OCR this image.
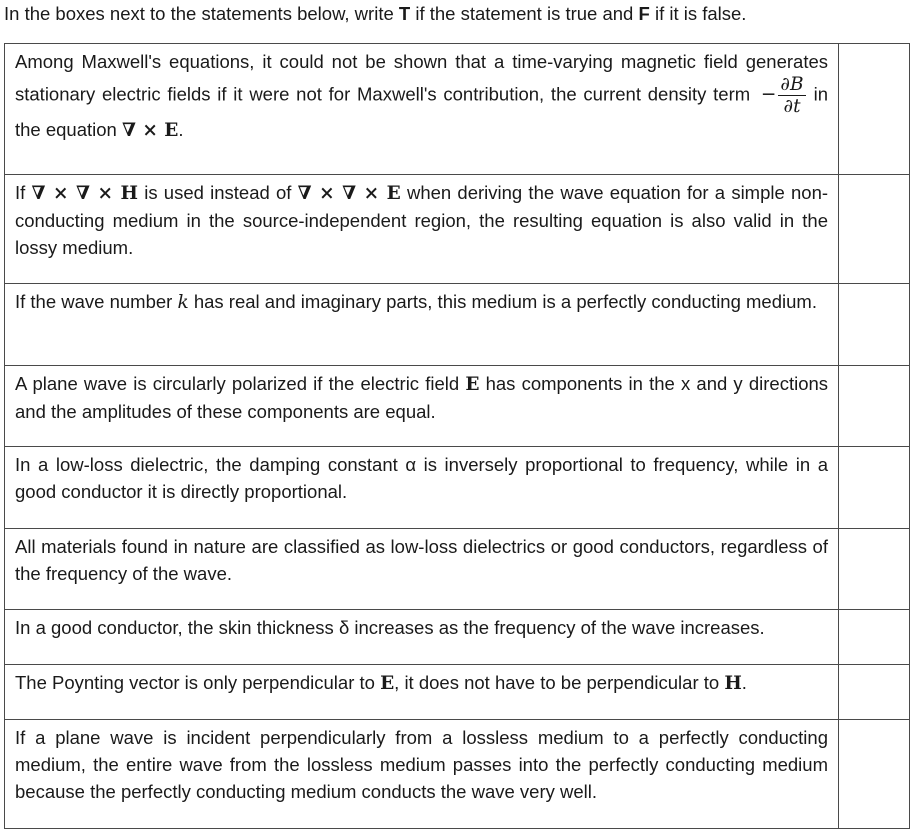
In the boxes next to the statements below, write T if the statement is true and F if it is false.
Among Maxwell's equations, it could not be shown that a time-varying magnetic field generates stationary electric fields if it were not for Maxwell's contribution, the current density term − $\frac{\partial B}{\partial t}$ in the equation ∇ × E.	
If ∇ × ∇ × H is used instead of ∇ × ∇ × E when deriving the wave equation for a simple non-conducting medium in the source-independent region, the resulting equation is also valid in the lossy medium.	
If the wave number k has real and imaginary parts, this medium is a perfectly conducting medium.	
A plane wave is circularly polarized if the electric field E has components in the x and y directions and the amplitudes of these components are equal.	
In a low-loss dielectric, the damping constant α is inversely proportional to frequency, while in a good conductor it is directly proportional.	
All materials found in nature are classified as low-loss dielectrics or good conductors, regardless of the frequency of the wave.	
In a good conductor, the skin thickness δ increases as the frequency of the wave increases.	
The Poynting vector is only perpendicular to E, it does not have to be perpendicular to H.	
If a plane wave is incident perpendicularly from a lossless medium to a perfectly conducting medium, the entire wave from the lossless medium passes into the perfectly conducting medium because the perfectly conducting medium conducts the wave very well.	
